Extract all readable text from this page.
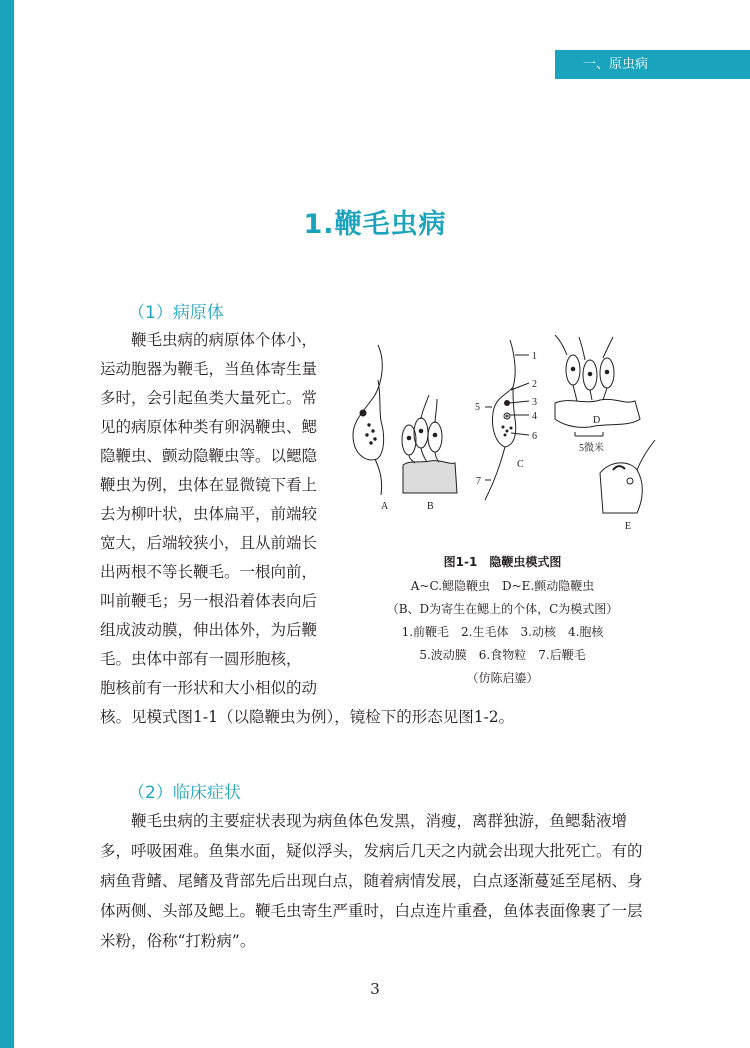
一、原虫病
1.鞭毛虫病
（1）病原体
鞭毛虫病的病原体个体小，
运动胞器为鞭毛，当鱼体寄生量
多时，会引起鱼类大量死亡。常
见的病原体种类有卵涡鞭虫、鳃
隐鞭虫、颤动隐鞭虫等。以鳃隐
鞭虫为例，虫体在显微镜下看上
去为柳叶状，虫体扁平，前端较
宽大，后端较狭小，且从前端长
出两根不等长鞭毛。一根向前，
叫前鞭毛；另一根沿着体表向后
组成波动膜，伸出体外，为后鞭
毛。虫体中部有一圆形胞核，
胞核前有一形状和大小相似的动
核。见模式图1-1（以隐鞭虫为例），镜检下的形态见图1-2。
A	B
C
D
E
1
2
3
4
5
6
7
5微米
图1-1　隐鞭虫模式图
A~C.鳃隐鞭虫　D~E.颤动隐鞭虫
（B、D为寄生在鳃上的个体，C为模式图）
1.前鞭毛　2.生毛体　3.动核　4.胞核
5.波动膜　6.食物粒　7.后鞭毛
（仿陈启鎏）
（2）临床症状
鞭毛虫病的主要症状表现为病鱼体色发黑，消瘦，离群独游，鱼鳃黏液增
多，呼吸困难。鱼集水面，疑似浮头，发病后几天之内就会出现大批死亡。有的
病鱼背鳍、尾鳍及背部先后出现白点，随着病情发展，白点逐渐蔓延至尾柄、身
体两侧、头部及鳃上。鞭毛虫寄生严重时，白点连片重叠，鱼体表面像裹了一层
米粉，俗称“打粉病”。
3
